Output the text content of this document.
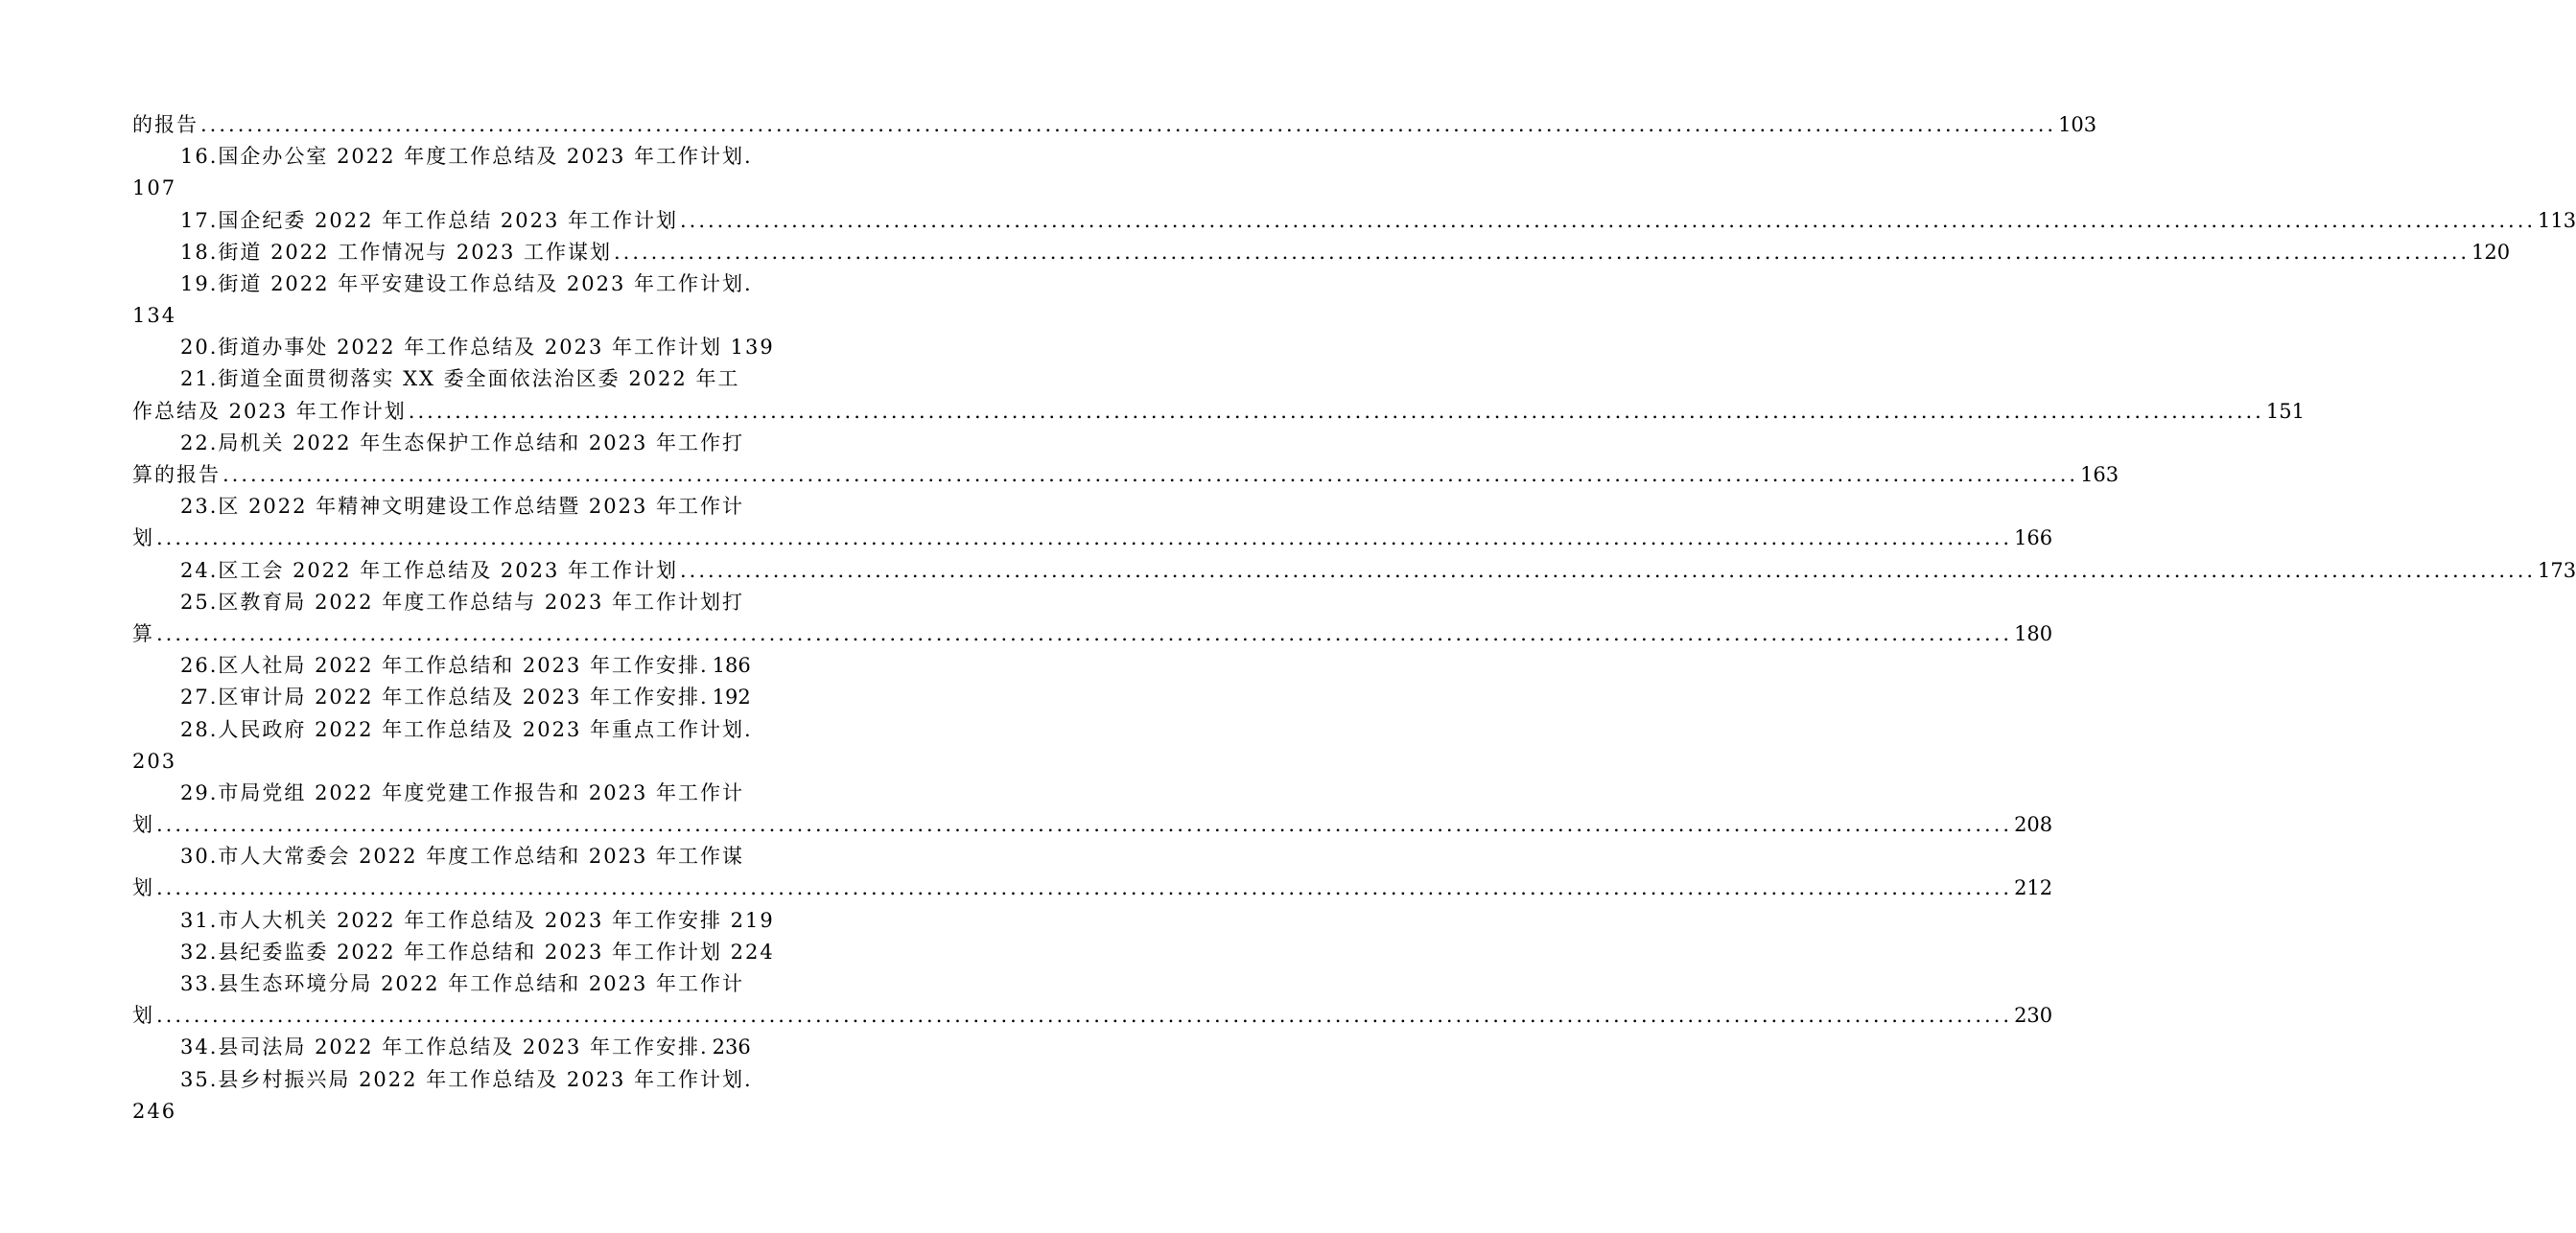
的报告 ........................................................................................................................................................................................................ 103
16.国企办公室 2022 年度工作总结及 2023 年工作计划.
107
17.国企纪委 2022 年工作总结 2023 年工作计划 ........................................................................................................................................................................................................ 113
18.街道 2022 工作情况与 2023 工作谋划 ........................................................................................................................................................................................................ 120
19.街道 2022 年平安建设工作总结及 2023 年工作计划.
134
20.街道办事处 2022 年工作总结及 2023 年工作计划 139
21.街道全面贯彻落实 XX 委全面依法治区委 2022 年工
作总结及 2023 年工作计划 ........................................................................................................................................................................................................ 151
22.局机关 2022 年生态保护工作总结和 2023 年工作打
算的报告 ........................................................................................................................................................................................................ 163
23.区 2022 年精神文明建设工作总结暨 2023 年工作计
划 ........................................................................................................................................................................................................ 166
24.区工会 2022 年工作总结及 2023 年工作计划 ........................................................................................................................................................................................................ 173
25.区教育局 2022 年度工作总结与 2023 年工作计划打
算 ........................................................................................................................................................................................................ 180
26.区人社局 2022 年工作总结和 2023 年工作安排. 186
27.区审计局 2022 年工作总结及 2023 年工作安排. 192
28.人民政府 2022 年工作总结及 2023 年重点工作计划.
203
29.市局党组 2022 年度党建工作报告和 2023 年工作计
划 ........................................................................................................................................................................................................ 208
30.市人大常委会 2022 年度工作总结和 2023 年工作谋
划 ........................................................................................................................................................................................................ 212
31.市人大机关 2022 年工作总结及 2023 年工作安排 219
32.县纪委监委 2022 年工作总结和 2023 年工作计划 224
33.县生态环境分局 2022 年工作总结和 2023 年工作计
划 ........................................................................................................................................................................................................ 230
34.县司法局 2022 年工作总结及 2023 年工作安排. 236
35.县乡村振兴局 2022 年工作总结及 2023 年工作计划.
246
